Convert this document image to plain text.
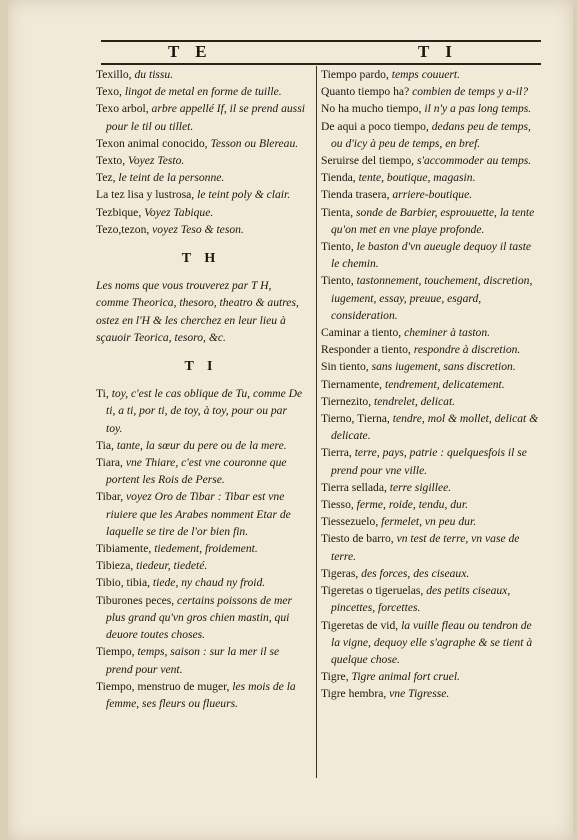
T E	T I

Texillo, du tissu.

Texo, lingot de metal en forme de tuille.

Texo arbol, arbre appellé If, il se prend aussi pour le til ou tillet.

Texon animal conocido, Tesson ou Blereau.

Texto, Voyez Testo.

Tez, le teint de la personne.

La tez lisa y lustrosa, le teint poly & clair.

Tezbique, Voyez Tabique.

Tezo,tezon, voyez Teso & teson.

T H

Les noms que vous trouverez par T H, comme Theorica, thesoro, theatro & autres, ostez en l'H & les cherchez en leur lieu à sçauoir Teorica, tesoro, &c.

T I

Ti, toy, c'est le cas oblique de Tu, comme De ti, a ti, por ti, de toy, à toy, pour ou par toy.

Tia, tante, la sœur du pere ou de la mere.

Tiara, vne Thiare, c'est vne couronne que portent les Rois de Perse.

Tibar, voyez Oro de Tibar : Tibar est vne riuiere que les Arabes nomment Etar de laquelle se tire de l'or bien fin.

Tibiamente, tiedement, froidement.

Tibieza, tiedeur, tiedeté.

Tibio, tibia, tiede, ny chaud ny froid.

Tiburones peces, certains poissons de mer plus grand qu'vn gros chien mastin, qui deuore toutes choses.

Tiempo, temps, saison : sur la mer il se prend pour vent.

Tiempo, menstruo de muger, les mois de la femme, ses fleurs ou flueurs.

Tiempo pardo, temps couuert.

Quanto tiempo ha? combien de temps y a-il?

No ha mucho tiempo, il n'y a pas long temps.

De aqui a poco tiempo, dedans peu de temps, ou d'icy à peu de temps, en bref.

Seruirse del tiempo, s'accommoder au temps.

Tienda, tente, boutique, magasin.

Tienda trasera, arriere-boutique.

Tienta, sonde de Barbier, esprouuette, la tente qu'on met en vne playe profonde.

Tiento, le baston d'vn aueugle dequoy il taste le chemin.

Tiento, tastonnement, touchement, discretion, iugement, essay, preuue, esgard, consideration.

Caminar a tiento, cheminer à taston.

Responder a tiento, respondre à discretion.

Sin tiento, sans iugement, sans discretion.

Tiernamente, tendrement, delicatement.

Tiernezito, tendrelet, delicat.

Tierno, Tierna, tendre, mol & mollet, delicat & delicate.

Tierra, terre, pays, patrie : quelquesfois il se prend pour vne ville.

Tierra sellada, terre sigillee.

Tiesso, ferme, roide, tendu, dur.

Tiessezuelo, fermelet, vn peu dur.

Tiesto de barro, vn test de terre, vn vase de terre.

Tigeras, des forces, des ciseaux.

Tigeretas o tigeruelas, des petits ciseaux, pincettes, forcettes.

Tigeretas de vid, la vuille fleau ou tendron de la vigne, dequoy elle s'agraphe & se tient à quelque chose.

Tigre, Tigre animal fort cruel.

Tigre hembra, vne Tigresse.
